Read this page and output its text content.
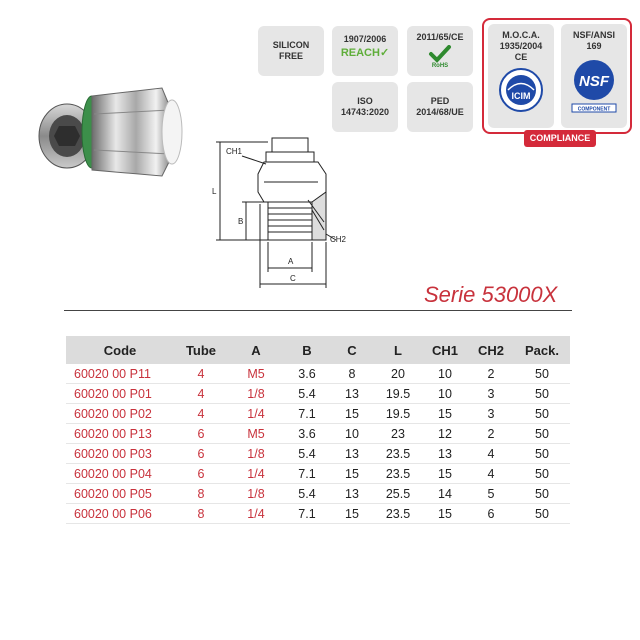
L
B
A
C
CH1
CH2
SILICON
FREE
1907/2006
REACH✓
2011/65/CE
RoHS
ISO
14743:2020
PED
2014/68/UE
M.O.C.A.
1935/2004
CE
ICIM
NSF/ANSI
169
NSF
COMPONENT
COMPLIANCE
Serie 53000X
Code	Tube	A	B	C	L	CH1	CH2	Pack.
60020 00 P11	4	M5	3.6	8	20	10	2	50
60020 00 P01	4	1/8	5.4	13	19.5	10	3	50
60020 00 P02	4	1/4	7.1	15	19.5	15	3	50
60020 00 P13	6	M5	3.6	10	23	12	2	50
60020 00 P03	6	1/8	5.4	13	23.5	13	4	50
60020 00 P04	6	1/4	7.1	15	23.5	15	4	50
60020 00 P05	8	1/8	5.4	13	25.5	14	5	50
60020 00 P06	8	1/4	7.1	15	23.5	15	6	50
